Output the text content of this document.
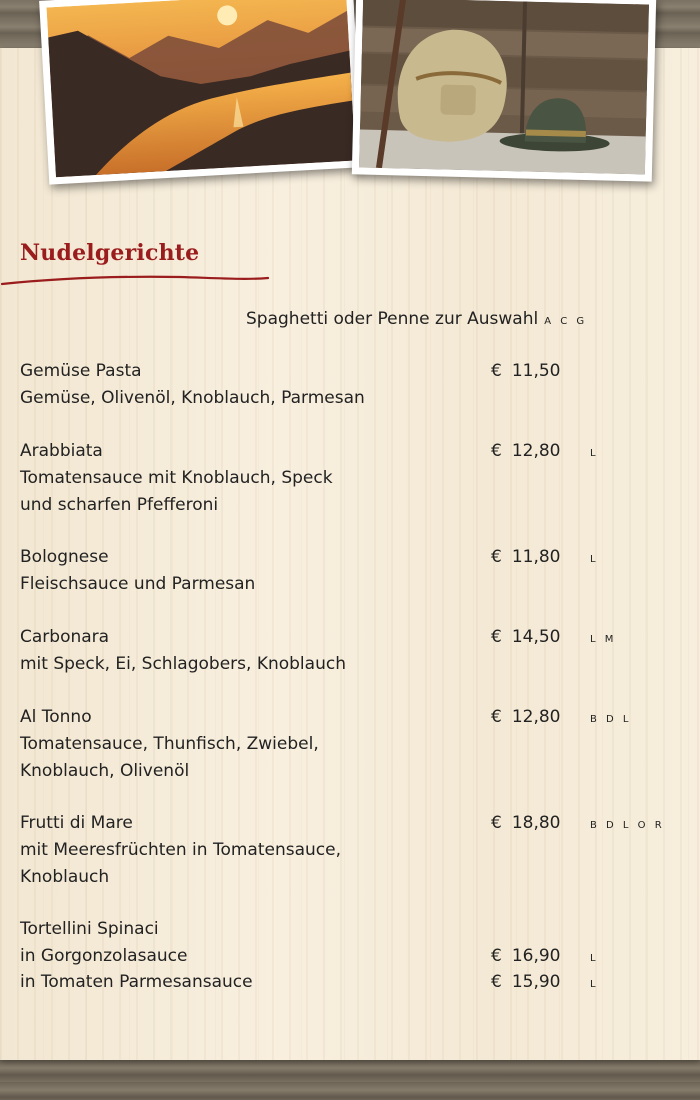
Nudelgerichte
Spaghetti oder Penne zur Auswahl A C G
Gemüse Pasta
Gemüse, Olivenöl, Knoblauch, Parmesan
€ 11,50
Arabbiata
Tomatensauce mit Knoblauch, Speck
und scharfen Pfefferoni
€ 12,80	L
Bolognese
Fleischsauce und Parmesan
€ 11,80	L
Carbonara
mit Speck, Ei, Schlagobers, Knoblauch
€ 14,50	L M
Al Tonno
Tomatensauce, Thunfisch, Zwiebel,
Knoblauch, Olivenöl
€ 12,80	B D L
Frutti di Mare
mit Meeresfrüchten in Tomatensauce,
Knoblauch
€ 18,80	B D L O R
Tortellini Spinaci
in Gorgonzolasauce	€ 16,90	L
in Tomaten Parmesansauce	€ 15,90	L
